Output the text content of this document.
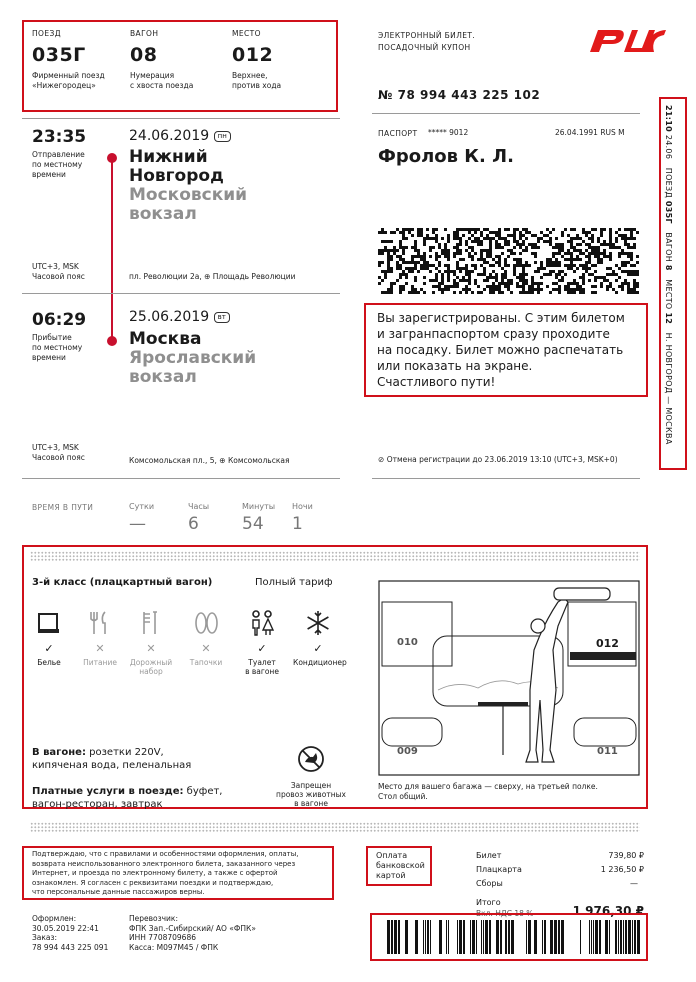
ПОЕЗД
035Г
Фирменный поезд
«Нижегородец»
ВАГОН
08
Нумерация
с хвоста поезда
МЕСТО
012
Верхнее,
против хода
ЭЛЕКТРОННЫЙ БИЛЕТ.
ПОСАДОЧНЫЙ КУПОН
№ 78 994 443 225 102
23:35
Отправление
по местному
времени
24.06.2019 пн
Нижний
Новгород
Московский
вокзал
UTC+3, MSK
Часовой пояс	пл. Революции 2а, ⊕ Площадь Революции
06:29
Прибытие
по местному
времени
25.06.2019 вт
Москва
Ярославский
вокзал
UTC+3, MSK
Часовой пояс	Комсомольская пл., 5, ⊕ Комсомольская
ПАСПОРТ ***** 9012	26.04.1991 RUS M
Фролов К. Л.
Вы зарегистрированы. С этим билетом
и загранпаспортом сразу проходите
на посадку. Билет можно распечатать
или показать на экране.
Счастливого пути!
⊘ Отмена регистрации до 23.06.2019 13:10 (UTC+3, MSK+0)
21:10 24.06   ПОЕЗД 035Г   ВАГОН 8   МЕСТО 12   Н. НОВГОРОД — МОСКВА
ВРЕМЯ В ПУТИ	Сутки
—
Часы
6
Минуты
54
Ночи
1
3-й класс (плацкартный вагон)	Полный тариф
✓
Белье
✕
Питание
✕
Дорожный
набор
✕
Тапочки
✓
Туалет
в вагоне
✓
Кондиционер
В вагоне: розетки 220V,
кипяченая вода, пеленальная
Платные услуги в поезде: буфет,
вагон-ресторан, завтрак
Запрещен
провоз животных
в вагоне
010	012
009	011
Место для вашего багажа — сверху, на третьей полке.
Стол общий.
Подтверждаю, что с правилами и особенностями оформления, оплаты,
возврата неиспользованного электронного билета, заказанного через
Интернет, и проезда по электронному билету, а также с офертой
ознакомлен. Я согласен с реквизитами поездки и подтверждаю,
что персональные данные пассажиров верны.
Оплата
банковской
картой
Билет	739,80 ₽
Плацкарта	1 236,50 ₽
Сборы	—
Итого
Вкл. НДС 18 %	1 976,30 ₽
Оформлен:
30.05.2019 22:41
Заказ:
78 994 443 225 091
Перевозчик:
ФПК Зап.-Сибирский/ АО «ФПК»
ИНН 7708709686
Касса: M097M45 / ФПК
